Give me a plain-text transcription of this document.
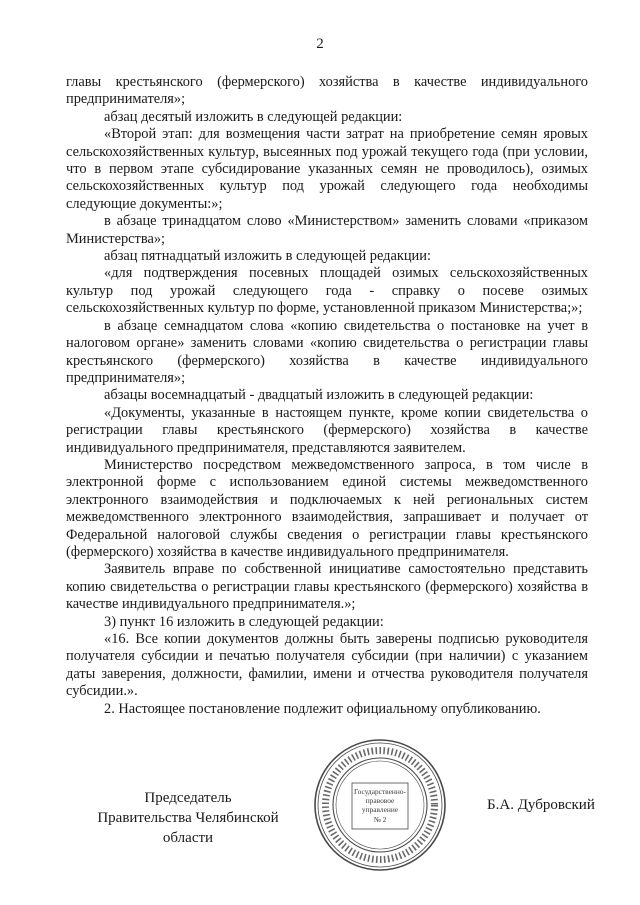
2

главы крестьянского (фермерского) хозяйства в качестве индивидуального предпринимателя»;

абзац десятый изложить в следующей редакции:

«Второй этап: для возмещения части затрат на приобретение семян яровых сельскохозяйственных культур, высеянных под урожай текущего года (при условии, что в первом этапе субсидирование указанных семян не проводилось), озимых сельскохозяйственных культур под урожай следующего года необходимы следующие документы:»;

в абзаце тринадцатом слово «Министерством» заменить словами «приказом Министерства»;

абзац пятнадцатый изложить в следующей редакции:

«для подтверждения посевных площадей озимых сельскохозяйственных культур под урожай следующего года - справку о посеве озимых сельскохозяйственных культур по форме, установленной приказом Министерства;»;

в абзаце семнадцатом слова «копию свидетельства о постановке на учет в налоговом органе» заменить словами «копию свидетельства о регистрации главы крестьянского (фермерского) хозяйства в качестве индивидуального предпринимателя»;

абзацы восемнадцатый - двадцатый изложить в следующей редакции:

«Документы, указанные в настоящем пункте, кроме копии свидетельства о регистрации главы крестьянского (фермерского) хозяйства в качестве индивидуального предпринимателя, представляются заявителем.

Министерство посредством межведомственного запроса, в том числе в электронной форме с использованием единой системы межведомственного электронного взаимодействия и подключаемых к ней региональных систем межведомственного электронного взаимодействия, запрашивает и получает от Федеральной налоговой службы сведения о регистрации главы крестьянского (фермерского) хозяйства в качестве индивидуального предпринимателя.

Заявитель вправе по собственной инициативе самостоятельно представить копию свидетельства о регистрации главы крестьянского (фермерского) хозяйства в качестве индивидуального предпринимателя.»;

3) пункт 16 изложить в следующей редакции:

«16. Все копии документов должны быть заверены подписью руководителя получателя субсидии и печатью получателя субсидии (при наличии) с указанием даты заверения, должности, фамилии, имени и отчества руководителя получателя субсидии.».

2. Настоящее постановление подлежит официальному опубликованию.

Председатель
Правительства Челябинской области
Государственно-
правовое
управление
№ 2
Б.А. Дубровский
